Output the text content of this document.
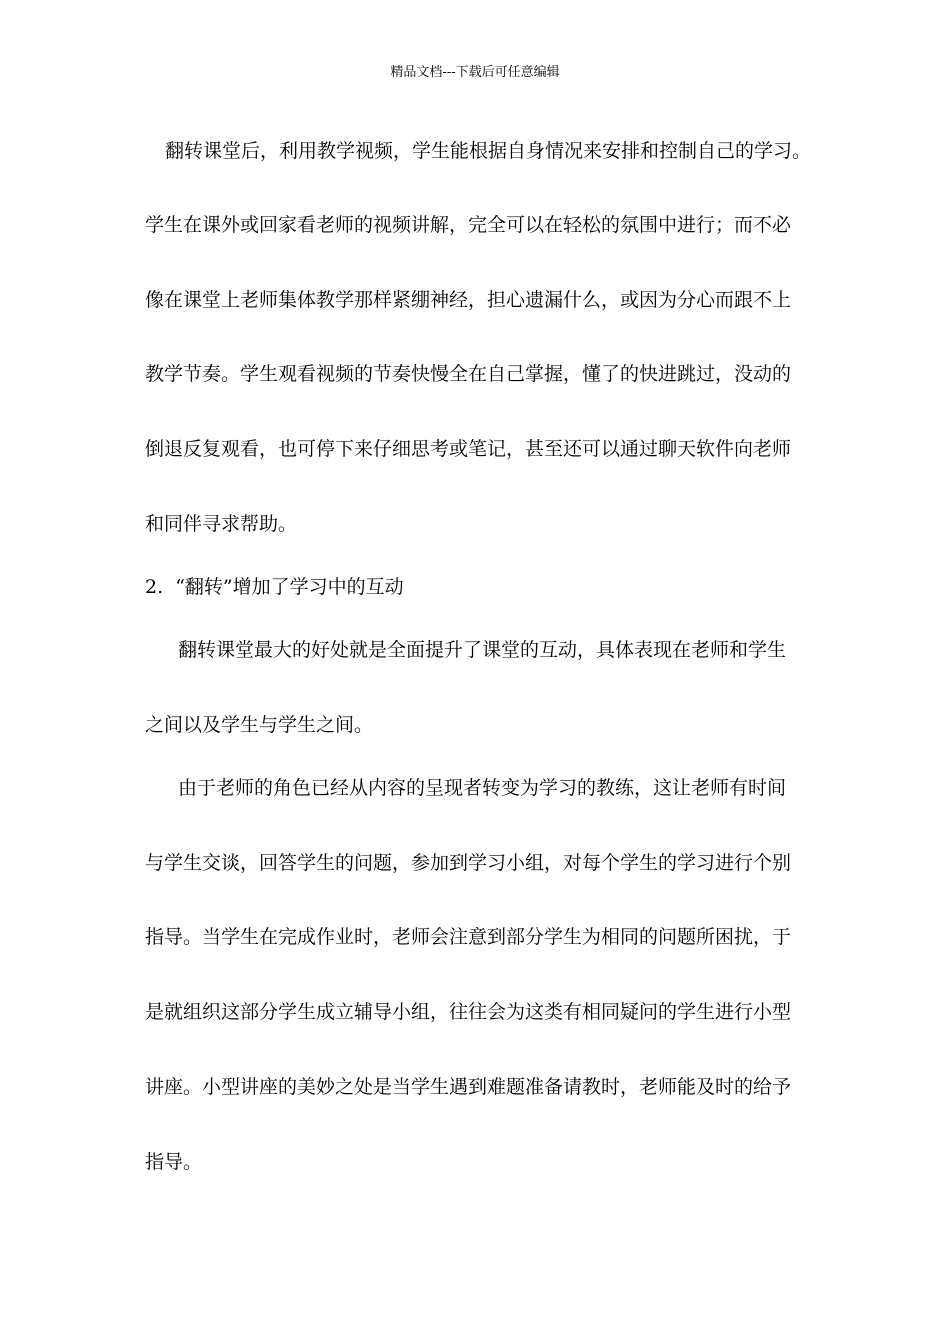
精品文档---下载后可任意编辑
翻转课堂后，利用教学视频，学生能根据自身情况来安排和控制自己的学习。
学生在课外或回家看老师的视频讲解，完全可以在轻松的氛围中进行；而不必
像在课堂上老师集体教学那样紧绷神经，担心遗漏什么，或因为分心而跟不上
教学节奏。学生观看视频的节奏快慢全在自己掌握，懂了的快进跳过，没动的
倒退反复观看，也可停下来仔细思考或笔记，甚至还可以通过聊天软件向老师
和同伴寻求帮助。
2.  “翻转”增加了学习中的互动
翻转课堂最大的好处就是全面提升了课堂的互动，具体表现在老师和学生
之间以及学生与学生之间。
由于老师的角色已经从内容的呈现者转变为学习的教练，这让老师有时间
与学生交谈，回答学生的问题，参加到学习小组，对每个学生的学习进行个别
指导。当学生在完成作业时，老师会注意到部分学生为相同的问题所困扰，于
是就组织这部分学生成立辅导小组，往往会为这类有相同疑问的学生进行小型
讲座。小型讲座的美妙之处是当学生遇到难题准备请教时，老师能及时的给予
指导。
